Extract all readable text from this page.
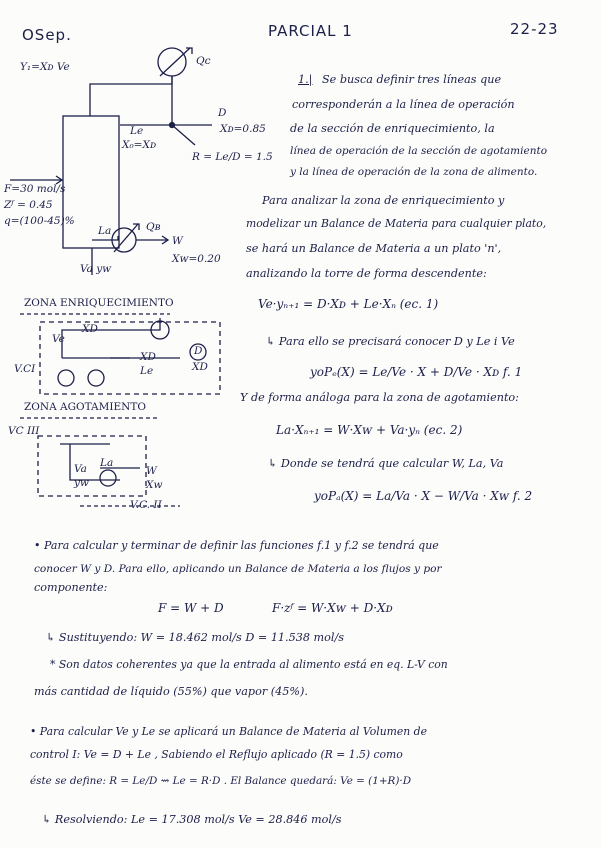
OSep.	PARCIAL 1	22-23
Y₁=Xᴅ Ve	Qᴄ
D
Xᴅ=0.85
Le
X₀=Xᴅ
R = Le/D = 1.5
F=30 mol/s
Zᶠ = 0.45
q=(100-45)%
La	Qʙ
W
Xᴡ=0.20
Va yᴡ
ZONA ENRIQUECIMIENTO
Ve
XD
V.CI
XD
Le
D
XD
ZONA AGOTAMIENTO
VC III
Va
yw
La
W
Xw
V.C. II
1.| Se busca definir tres líneas que
corresponderán a la línea de operación
de la sección de enriquecimiento, la
línea de operación de la sección de agotamiento
y la línea de operación de la zona de alimento.
Para analizar la zona de enriquecimiento y
modelizar un Balance de Materia para cualquier plato,
se hará un Balance de Materia a un plato 'n',
analizando la torre de forma descendente:
Ve·yₙ₊₁ = D·Xᴅ + Le·Xₙ (ec. 1)
↳ Para ello se precisará conocer D y Le i Ve
yoPₑ(X) = Le/Ve · X + D/Ve · Xᴅ f. 1
Y de forma análoga para la zona de agotamiento:
La·Xₙ₊₁ = W·Xᴡ + Va·yₙ (ec. 2)
↳ Donde se tendrá que calcular W, La, Va
yoPₐ(X) = La/Va · X − W/Va · Xᴡ f. 2
• Para calcular y terminar de definir las funciones f.1 y f.2 se tendrá que
conocer W y D. Para ello, aplicando un Balance de Materia a los flujos y por
componente:
F = W + D	F·zᶠ = W·Xᴡ + D·Xᴅ
↳ Sustituyendo: W = 18.462 mol/s D = 11.538 mol/s
* Son datos coherentes ya que la entrada al alimento está en eq. L-V con
más cantidad de líquido (55%) que vapor (45%).
• Para calcular Ve y Le se aplicará un Balance de Materia al Volumen de
control I: Ve = D + Le , Sabiendo el Reflujo aplicado (R = 1.5) como
éste se define: R = Le/D ⇝ Le = R·D . El Balance quedará: Ve = (1+R)·D
↳ Resolviendo: Le = 17.308 mol/s Ve = 28.846 mol/s
